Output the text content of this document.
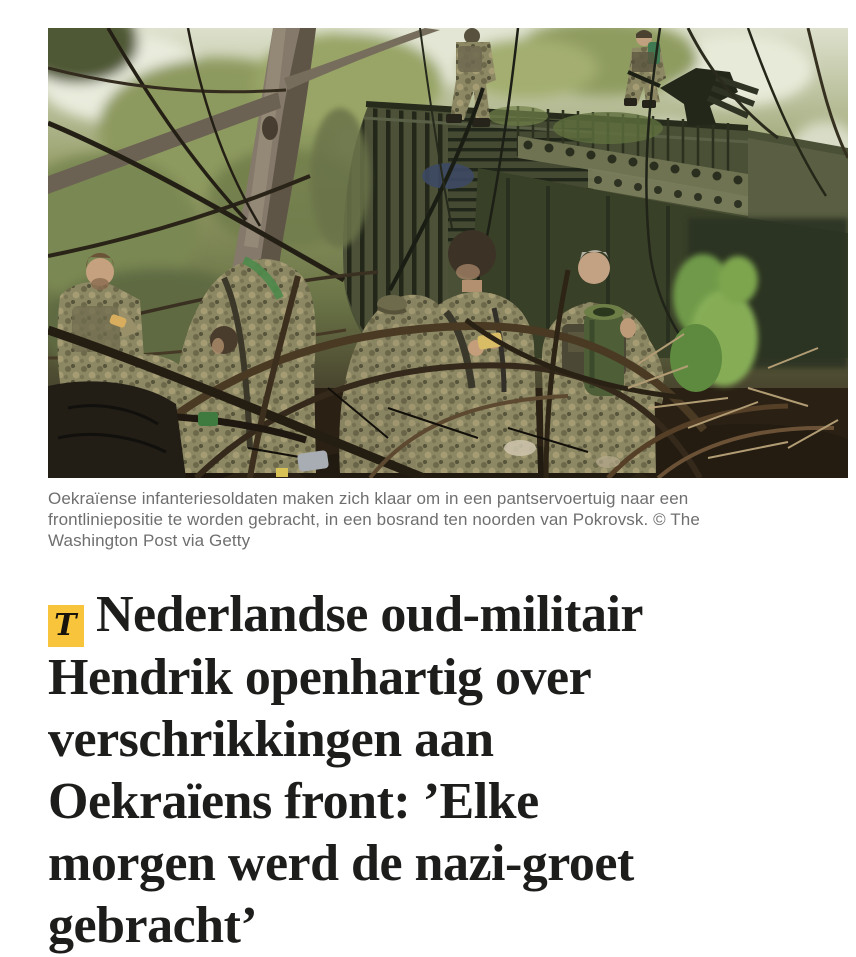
Oekraïense infanteriesoldaten maken zich klaar om in een pantservoertuig naar een frontliniepositie te worden gebracht, in een bosrand ten noorden van Pokrovsk. © The Washington Post via Getty
T Nederlandse oud-militair
Hendrik openhartig over
verschrikkingen aan
Oekraïens front: ’Elke
morgen werd de nazi-groet
gebracht’
